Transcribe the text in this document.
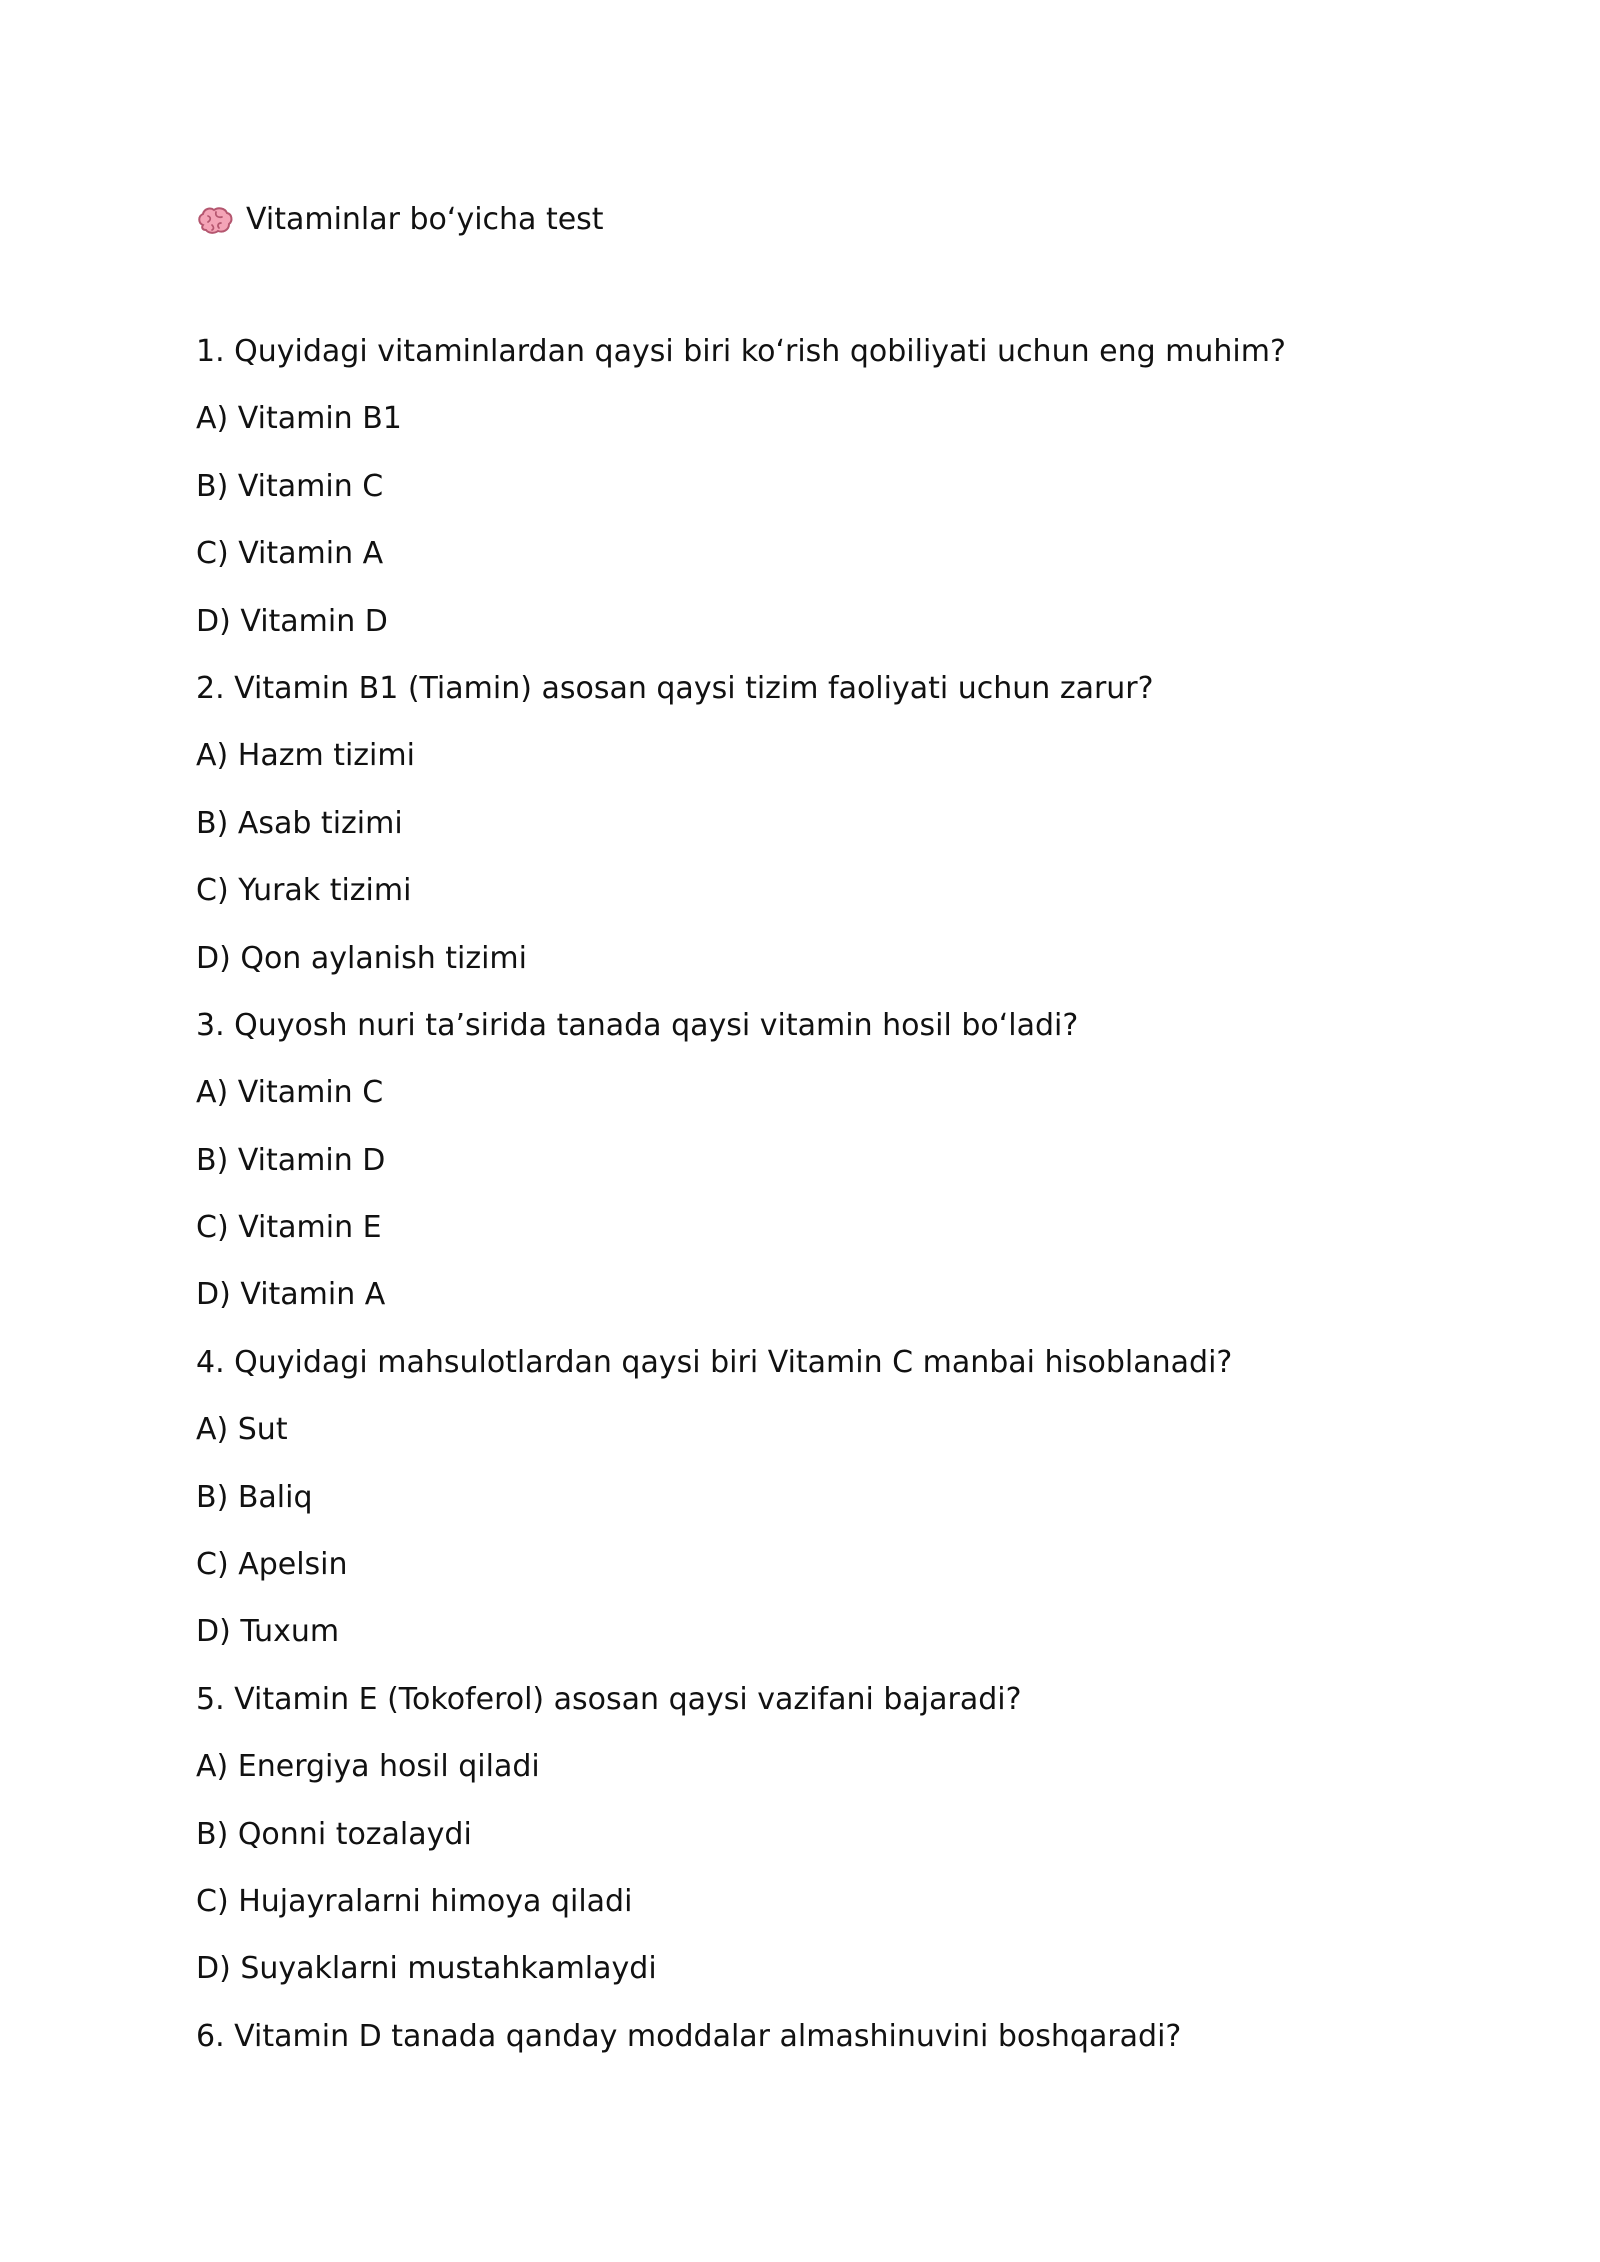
Vitaminlar bo‘yicha test
1. Quyidagi vitaminlardan qaysi biri ko‘rish qobiliyati uchun eng muhim?
A) Vitamin B1
B) Vitamin C
C) Vitamin A
D) Vitamin D
2. Vitamin B1 (Tiamin) asosan qaysi tizim faoliyati uchun zarur?
A) Hazm tizimi
B) Asab tizimi
C) Yurak tizimi
D) Qon aylanish tizimi
3. Quyosh nuri ta’sirida tanada qaysi vitamin hosil bo‘ladi?
A) Vitamin C
B) Vitamin D
C) Vitamin E
D) Vitamin A
4. Quyidagi mahsulotlardan qaysi biri Vitamin C manbai hisoblanadi?
A) Sut
B) Baliq
C) Apelsin
D) Tuxum
5. Vitamin E (Tokoferol) asosan qaysi vazifani bajaradi?
A) Energiya hosil qiladi
B) Qonni tozalaydi
C) Hujayralarni himoya qiladi
D) Suyaklarni mustahkamlaydi
6. Vitamin D tanada qanday moddalar almashinuvini boshqaradi?
